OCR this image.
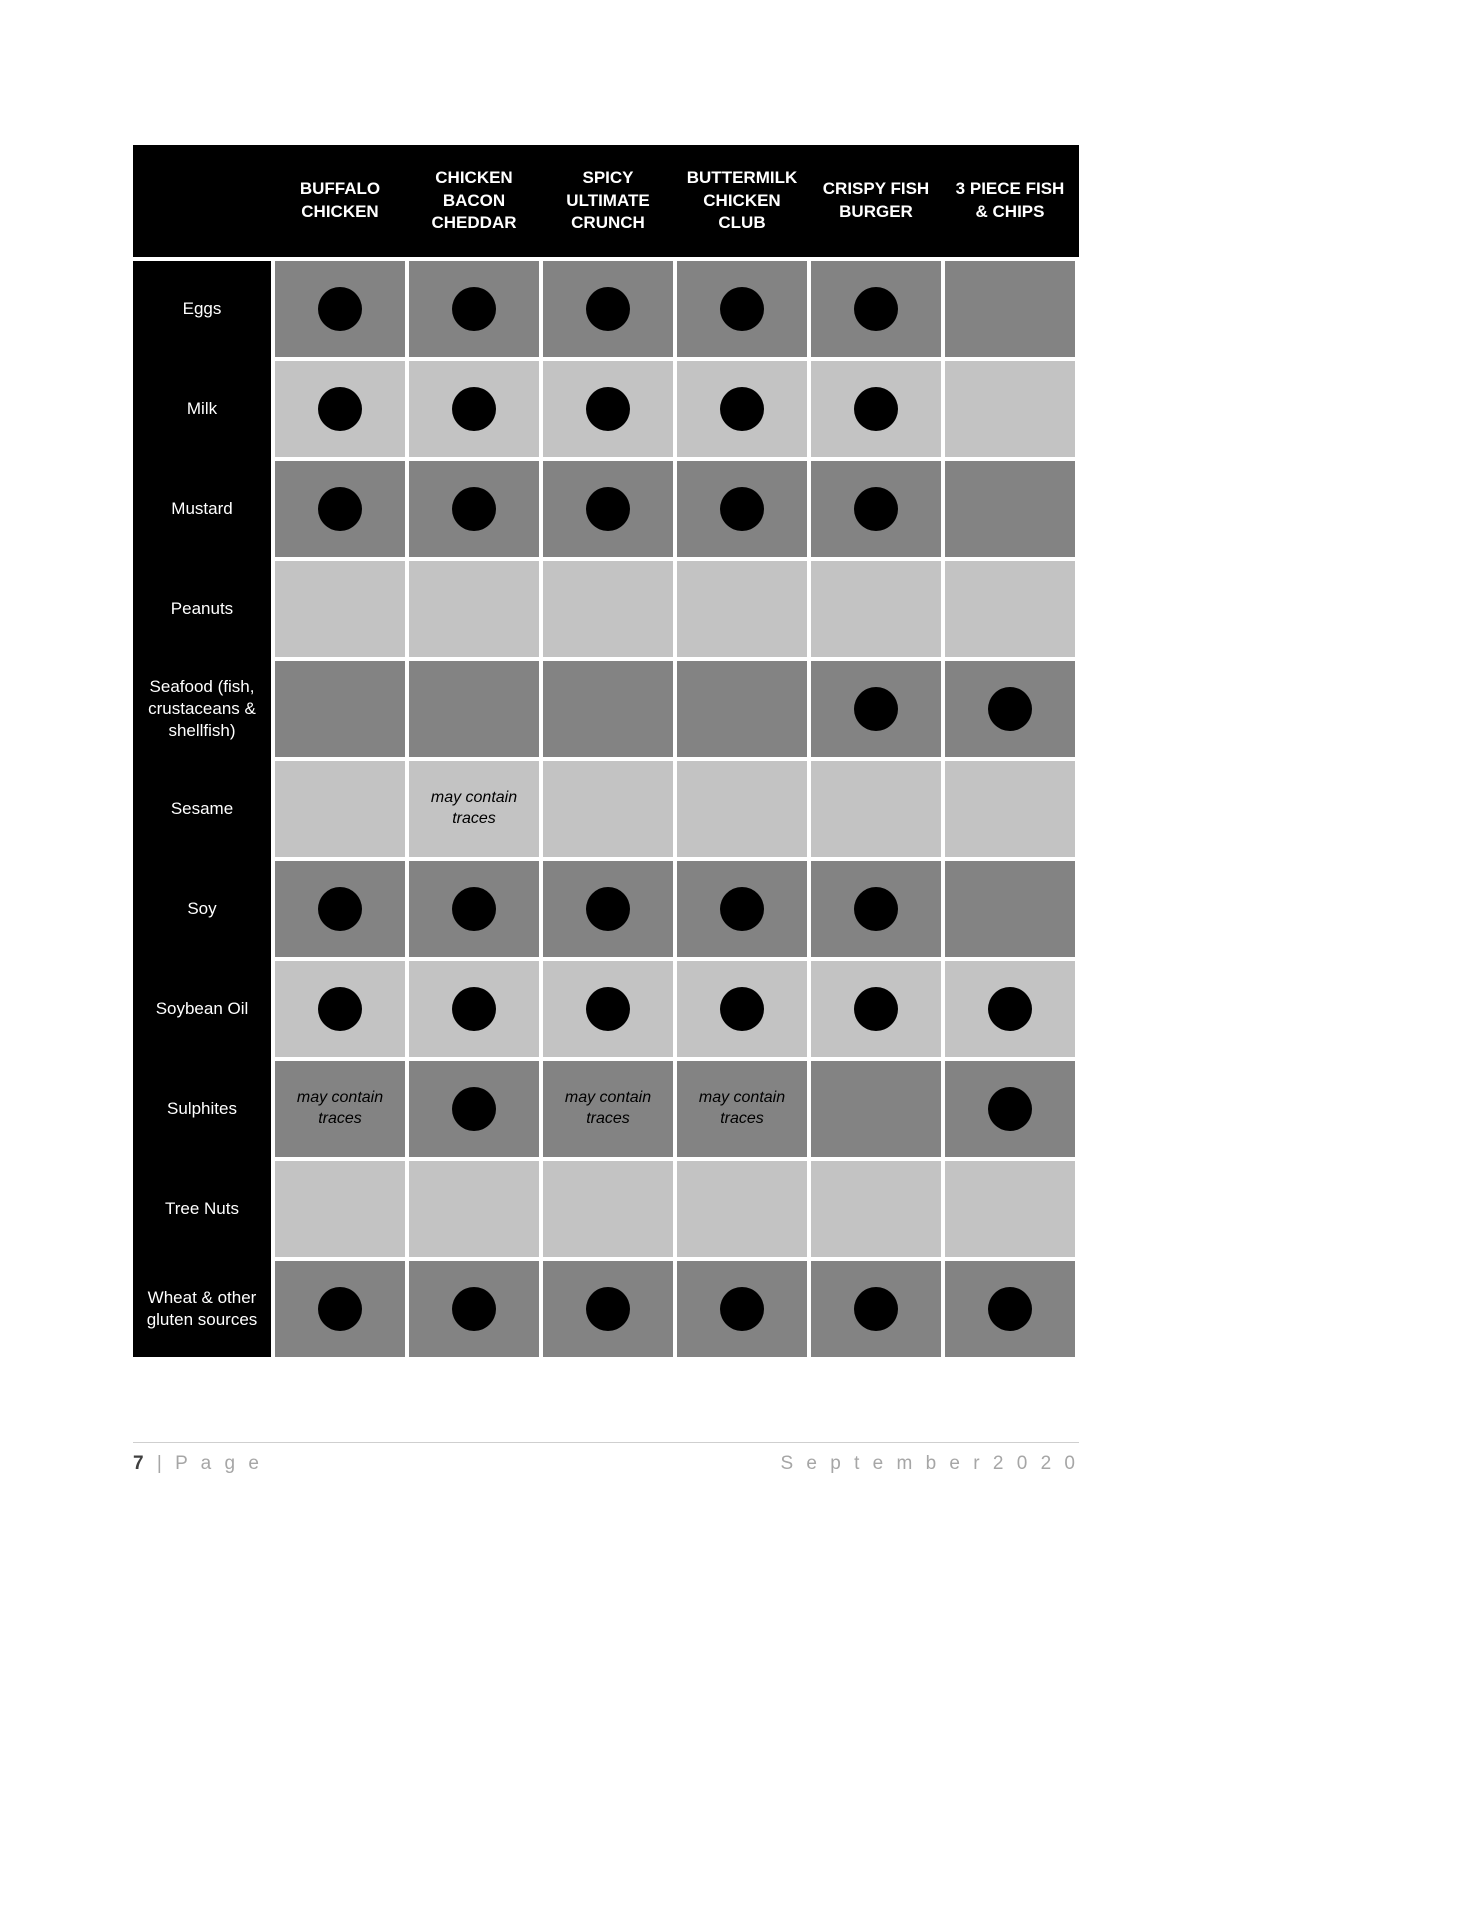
BUFFALO CHICKEN
CHICKEN BACON CHEDDAR
SPICY ULTIMATE CRUNCH
BUTTERMILK CHICKEN CLUB
CRISPY FISH BURGER
3 PIECE FISH & CHIPS
Eggs
Milk
Mustard
Peanuts
Seafood (fish, crustaceans & shellfish)
Sesame
Soy
Soybean Oil
Sulphites
Tree Nuts
Wheat & other gluten sources
may contain traces
may contain traces
may contain traces
may contain traces
7 | P a g e	S e p t e m b e r 2 0 2 0
